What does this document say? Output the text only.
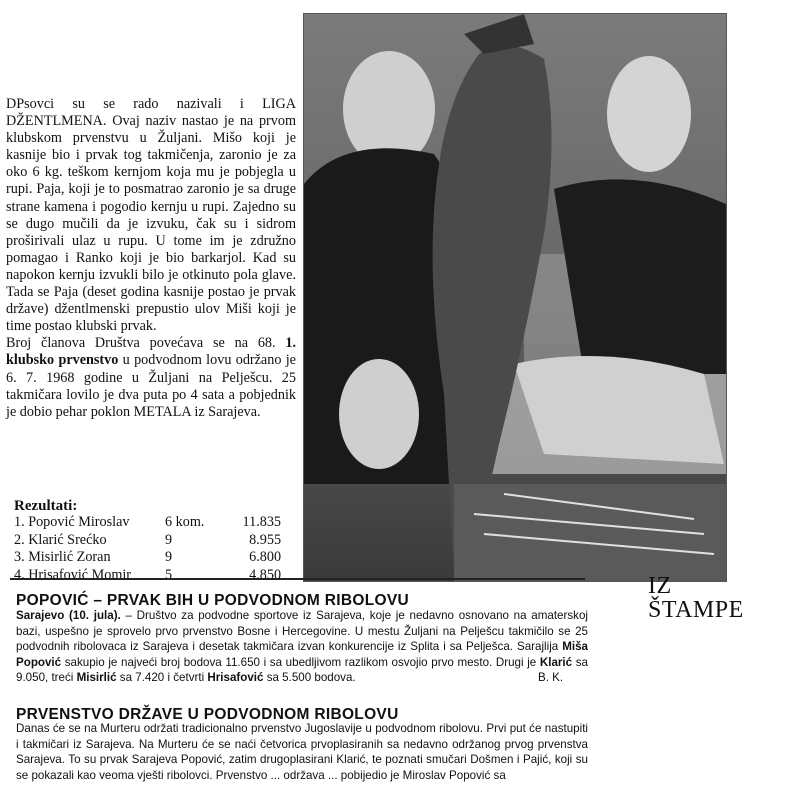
DPsovci su se rado nazivali i LIGA DŽENTLMENA. Ovaj naziv nastao je na prvom klubskom prvenstvu u Žuljani. Mišo koji je kasnije bio i prvak tog takmičenja, zaronio je za oko 6 kg. teškom kernjom koja mu je pobjegla u rupi. Paja, koji je to posmatrao zaronio je sa druge strane kamena i pogodio kernju u rupi. Zajedno su se dugo mučili da je izvuku, čak su i sidrom proširivali ulaz u rupu. U tome im je združno pomagao i Ranko koji je bio barkarjol. Kad su napokon kernju izvukli bilo je otkinuto pola glave. Tada se Paja (deset godina kasnije postao je prvak države) džentlmenski prepustio ulov Miši koji je time postao klubski prvak.

Broj članova Društva povećava se na 68. 1. klubsko prvenstvo u podvodnom lovu održano je 6. 7. 1968 godine u Žuljani na Pelješcu. 25 takmičara lovilo je dva puta po 4 sata a pobjednik je dobio pehar poklon METALA iz Sarajeva.

Rezultati:
1. Popović Miroslav	6 kom.	11.835
2. Klarić Srećko	9	8.955
3. Misirlić Zoran	9	6.800
4. Hrisafović Momir	5	4.850	IZ
ŠTAMPE
POPOVIĆ – PRVAK BIH U PODVODNOM RIBOLOVU
Sarajevo (10. jula). – Društvo za podvodne sportove iz Sarajeva, koje je nedavno osnovano na amaterskoj bazi, uspešno je sprovelo prvo prvenstvo Bosne i Hercegovine. U mestu Žuljani na Pelješcu takmičilo se 25 podvodnih ribolovaca iz Sarajeva i desetak takmičara izvan konkurencije iz Splita i sa Pelješca. Sarajlija Miša Popović sakupio je najveći broj bodova 11.650 i sa ubedljivom razlikom osvojio prvo mesto. Drugi je Klarić sa 9.050, treći Misirlić sa 7.420 i četvrti Hrisafović sa 5.500 bodova.	B. K.
PRVENSTVO DRŽAVE U PODVODNOM RIBOLOVU
Danas će se na Murteru održati tradicionalno prvenstvo Jugoslavije u podvodnom ribolovu. Prvi put će nastupiti i takmičari iz Sarajeva. Na Murteru će se naći četvorica prvoplasiranih sa nedavno održanog prvog prvenstva Sarajeva. To su prvak Sarajeva Popović, zatim drugoplasirani Klarić, te poznati smučari Došmen i Pajić, koji su se pokazali kao veoma vješti ribolovci. Prvenstvo ... održava ... pobijedio je Miroslav Popović sa
